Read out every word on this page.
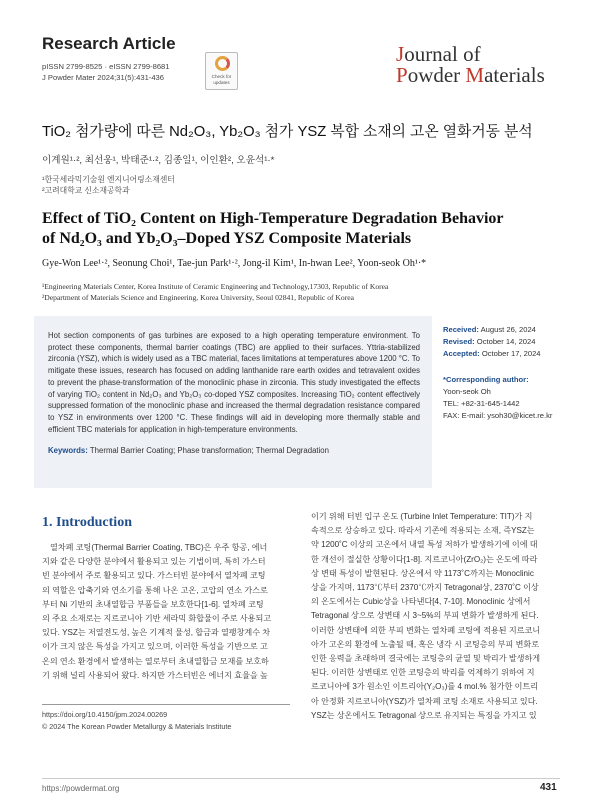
Research Article
pISSN 2799-8525 · eISSN 2799-8681
J Powder Mater 2024;31(5):431-436	Check for updates
Journal of
Powder Materials
TiO₂ 첨가량에 따른 Nd₂O₃, Yb₂O₃ 첨가 YSZ 복합 소재의 고온 열화거동 분석
이계원¹·², 최선웅¹, 박태준¹·², 김종일¹, 이인환², 오윤석¹·*
¹한국세라믹기술원 엔지니어링소재센터
²고려대학교 신소재공학과
Effect of TiO₂ Content on High-Temperature Degradation Behavior
of Nd₂O₃ and Yb₂O₃–Doped YSZ Composite Materials
Gye-Won Lee¹·², Seonung Choi¹, Tae-jun Park¹·², Jong-il Kim¹, In-hwan Lee², Yoon-seok Oh¹·*
¹Engineering Materials Center, Korea Institute of Ceramic Engineering and Technology,17303, Republic of Korea
²Department of Materials Science and Engineering, Korea University, Seoul 02841, Republic of Korea
Hot section components of gas turbines are exposed to a high operating temperature environment. To protect these components, thermal barrier coatings (TBC) are applied to their surfaces. Yttria-stabilized zirconia (YSZ), which is widely used as a TBC material, faces limitations at temperatures above 1200 °C. To mitigate these issues, research has focused on adding lanthanide rare earth oxides and tetravalent oxides to prevent the phase-transformation of the monoclinic phase in zirconia. This study investigated the effects of varying TiO₂ content in Nd₂O₃ and Yb₂O₃ co-doped YSZ composites. Increasing TiO₂ content effectively suppressed formation of the monoclinic phase and increased the thermal degradation resistance compared to YSZ in environments over 1200 °C. These findings will aid in developing more thermally stable and efficient TBC materials for application in high-temperature environments.
Keywords: Thermal Barrier Coating; Phase transformation; Thermal Degradation
Received: August 26, 2024
Revised: October 14, 2024
Accepted: October 17, 2024
*Corresponding author:
Yoon-seok Oh
TEL: +82-31-645-1442
FAX: E-mail: ysoh30@kicet.re.kr
1. Introduction
열차폐 코팅(Thermal Barrier Coating, TBC)은 우주 항공, 에너
지와 같은 다양한 분야에서 활용되고 있는 기법이며, 특히 가스터
빈 분야에서 주로 활용되고 있다. 가스터빈 분야에서 열차폐 코팅
의 역할은 압축기와 연소기를 통해 나온 고온, 고압의 연소 가스로
부터 Ni 기반의 초내열합금 부품들을 보호한다[1-6]. 열차폐 코팅
의 주요 소재로는 지르코니아 기반 세라믹 화합물이 주로 사용되고
있다. YSZ는 저열전도성, 높은 기계적 물성, 합금과 열팽창계수 차
이가 크지 않은 특성을 가지고 있으며, 이러한 특성을 기반으로 고
온의 연소 환경에서 발생하는 열로부터 초내열합금 모재를 보호하
기 위해 널리 사용되어 왔다. 하지만 가스터빈은 에너지 효율을 높
이기 위해 터빈 입구 온도 (Turbine Inlet Temperature: TIT)가 지
속적으로 상승하고 있다. 따라서 기존에 적용되는 소재, 즉YSZ는
약 1200˚C 이상의 고온에서 내열 특성 저하가 발생하기에 이에 대
한 개선이 절실한 상황이다[1-8]. 지르코니아(ZrO₂)는 온도에 따라
상 변태 특성이 발현된다. 상온에서 약 1173˚C까지는 Monoclinic
상을 가지며, 1173℃부터 2370℃까지 Tetragonal상, 2370˚C 이상
의 온도에서는 Cubic상을 나타낸다[4, 7-10]. Monoclinic 상에서
Tetragonal 상으로 상변태 시 3~5%의 부피 변화가 발생하게 된다.
이러한 상변태에 의한 부피 변화는 열차폐 코팅에 적용된 지르코니
아가 고온의 환경에 노출될 때, 혹은 냉각 시 코팅층의 부피 변화로
인한 응력을 초래하며 결국에는 코팅층의 균열 및 박리가 발생하게
된다. 이러한 상변태로 인한 코팅층의 박리를 억제하기 위하여 지
르코니아에 3가 원소인 이트리아(Y₂O₃)를 4 mol.% 첨가한 이트리
아 안정화 지르코니아(YSZ)가 열차폐 코팅 소재로 사용되고 있다.
YSZ는 상온에서도 Tetragonal 상으로 유지되는 특징을 가지고 있
https://doi.org/10.4150/jpm.2024.00269
© 2024 The Korean Powder Metallurgy & Materials Institute
https://powdermat.org	431
